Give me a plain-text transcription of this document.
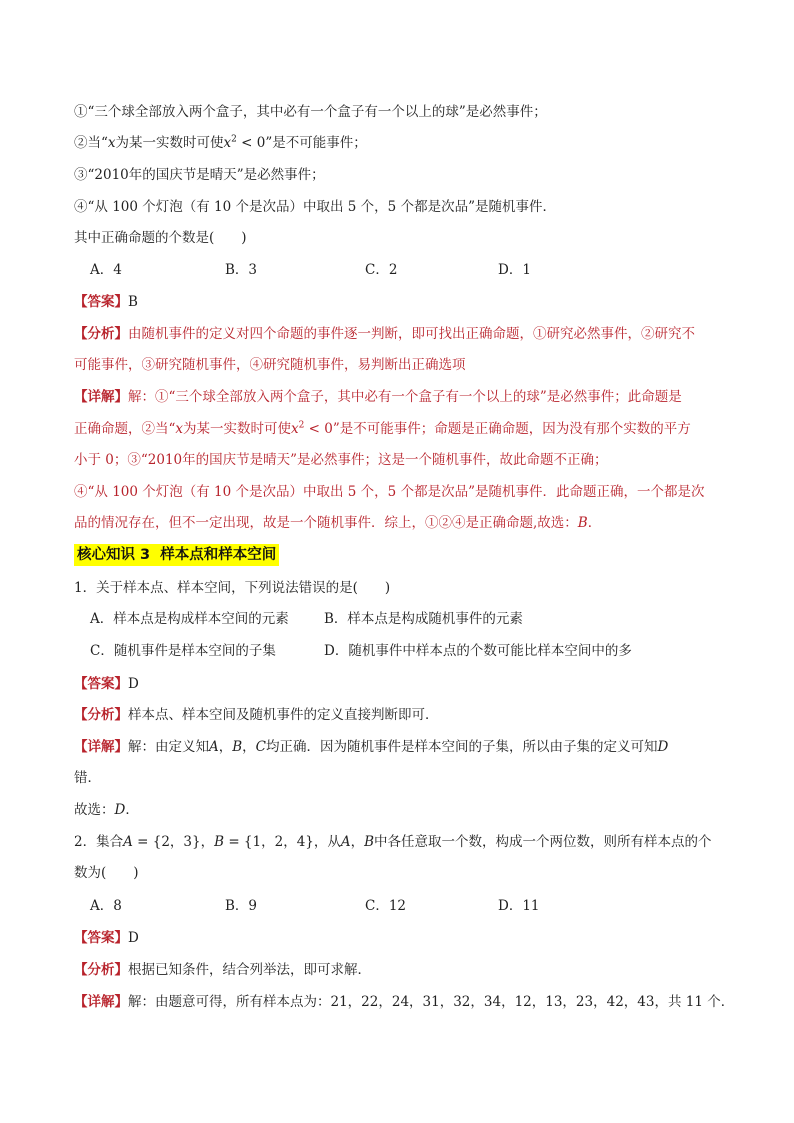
①“三个球全部放入两个盒子，其中必有一个盒子有一个以上的球”是必然事件；
②当“x为某一实数时可使$x^2 < 0$”是不可能事件；
③“2010年的国庆节是晴天”是必然事件；
④“从 100 个灯泡（有 10 个是次品）中取出 5 个，5 个都是次品”是随机事件．
其中正确命题的个数是(　　)
A．4	B．3	C．2	D．1
【答案】B
【分析】由随机事件的定义对四个命题的事件逐一判断，即可找出正确命题，①研究必然事件，②研究不
可能事件，③研究随机事件，④研究随机事件，易判断出正确选项
【详解】解：①“三个球全部放入两个盒子，其中必有一个盒子有一个以上的球”是必然事件；此命题是
正确命题，②当“x为某一实数时可使$x^2 < 0$”是不可能事件；命题是正确命题，因为没有那个实数的平方
小于 0；③“2010年的国庆节是晴天”是必然事件；这是一个随机事件，故此命题不正确；
④“从 100 个灯泡（有 10 个是次品）中取出 5 个，5 个都是次品”是随机事件．此命题正确，一个都是次
品的情况存在，但不一定出现，故是一个随机事件．综上，①②④是正确命题,故选：B．
核心知识 3 样本点和样本空间
1．关于样本点、样本空间，下列说法错误的是(　　)
A．样本点是构成样本空间的元素	B．样本点是构成随机事件的元素
C．随机事件是样本空间的子集	D．随机事件中样本点的个数可能比样本空间中的多
【答案】D
【分析】样本点、样本空间及随机事件的定义直接判断即可．
【详解】解：由定义知A，B，C均正确．因为随机事件是样本空间的子集，所以由子集的定义可知D
错．
故选：D．
2．集合A = {2，3}，B = {1，2，4}，从A，B中各任意取一个数，构成一个两位数，则所有样本点的个
数为(　　)
A．8	B．9	C．12	D．11
【答案】D
【分析】根据已知条件，结合列举法，即可求解．
【详解】解：由题意可得，所有样本点为：21，22，24，31，32，34，12，13，23，42，43，共 11 个．
